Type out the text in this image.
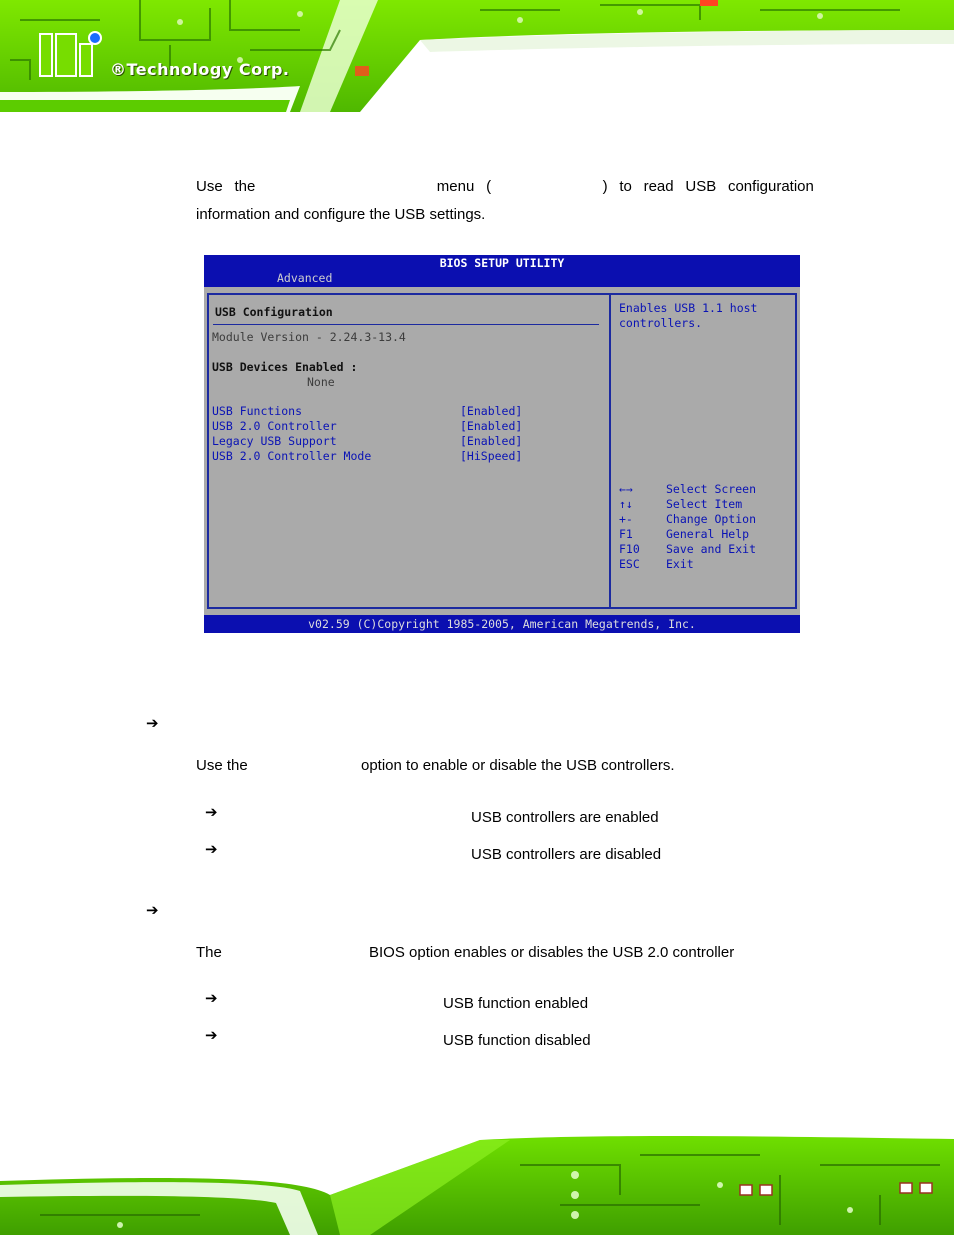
®Technology Corp.
Use the	menu (	) to read USB configuration
information and configure the USB settings.
BIOS SETUP UTILITY
Advanced
USB Configuration
Module Version - 2.24.3-13.4
USB Devices Enabled :
None
USB Functions	[Enabled]
USB 2.0 Controller	[Enabled]
Legacy USB Support	[Enabled]
USB 2.0 Controller Mode	[HiSpeed]
Enables USB 1.1 host
controllers.
←→	Select Screen
↑↓	Select Item
+-	Change Option
F1	General Help
F10 Save and Exit
ESC Exit
v02.59 (C)Copyright 1985-2005, American Megatrends, Inc.
➔
Use the	option to enable or disable the USB controllers.
➔	USB controllers are enabled
➔	USB controllers are disabled
➔
The	BIOS option enables or disables the USB 2.0 controller
➔	USB function enabled
➔	USB function disabled
